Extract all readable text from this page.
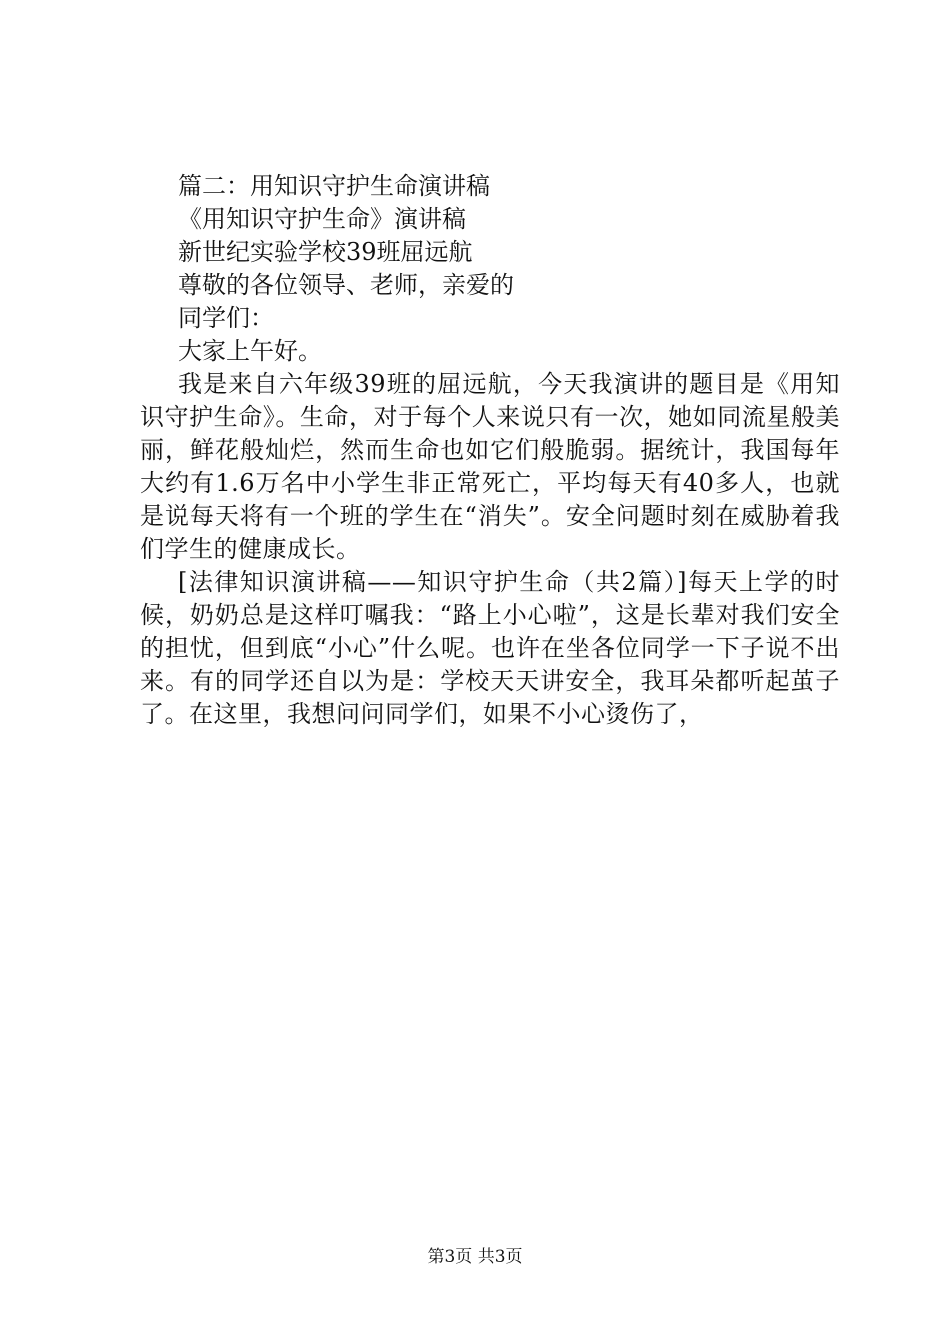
篇二：用知识守护生命演讲稿
《用知识守护生命》演讲稿
新世纪实验学校39班屈远航
尊敬的各位领导、老师，亲爱的
同学们：
大家上午好。
我是来自六年级39班的屈远航，今天我演讲的题目是《用知识守护生命》。生命，对于每个人来说只有一次，她如同流星般美丽，鲜花般灿烂，然而生命也如它们般脆弱。据统计，我国每年大约有1.6万名中小学生非正常死亡，平均每天有40多人，也就是说每天将有一个班的学生在“消失”。安全问题时刻在威胁着我们学生的健康成长。
[法律知识演讲稿——知识守护生命（共2篇）]每天上学的时候，奶奶总是这样叮嘱我：“路上小心啦”，这是长辈对我们安全的担忧，但到底“小心”什么呢。也许在坐各位同学一下子说不出来。有的同学还自以为是：学校天天讲安全，我耳朵都听起茧子了。在这里，我想问问同学们，如果不小心烫伤了，
第3页 共3页
